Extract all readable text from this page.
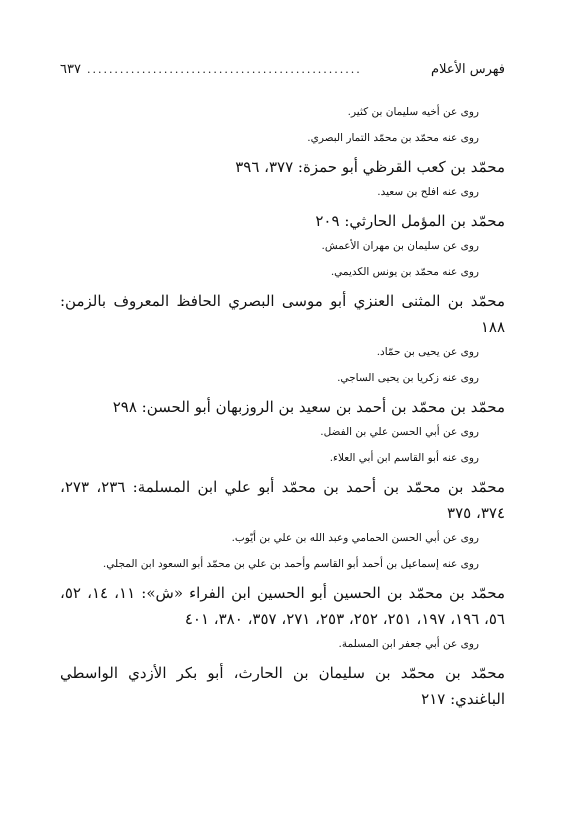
فهرس الأعلام
..................................................
٦٣٧
روى عن أخيه سليمان بن كثير.
روى عنه محمّد بن محمّد التمار البصري.
محمّد بن كعب القرظي أبو حمزة: ٣٧٧، ٣٩٦
روى عنه افلح بن سعيد.
محمّد بن المؤمل الحارثي: ٢٠٩
روى عن سليمان بن مهران الأعمش.
روى عنه محمّد بن يونس الكديمي.
محمّد بن المثنى العنزي أبو موسى البصري الحافظ المعروف بالزمن: ١٨٨
روى عن يحيى بن حمّاد.
روى عنه زكريا بن يحيى الساجي.
محمّد بن محمّد بن أحمد بن سعيد بن الروزبهان أبو الحسن: ٢٩٨
روى عن أبي الحسن علي بن الفضل.
روى عنه أبو القاسم ابن أبي العلاء.
محمّد بن محمّد بن أحمد بن محمّد أبو علي ابن المسلمة: ٢٣٦، ٢٧٣، ٣٧٤، ٣٧٥
روى عن أبي الحسن الحمامي وعبد الله بن علي بن أيّوب.
روى عنه إسماعيل بن أحمد أبو القاسم وأحمد بن علي بن محمّد أبو السعود ابن المجلي.
محمّد بن محمّد بن الحسين أبو الحسين ابن الفراء «ش»: ١١، ١٤، ٥٢، ٥٦، ١٩٦، ١٩٧، ٢٥١، ٢٥٢، ٢٥٣، ٢٧١، ٣٥٧، ٣٨٠، ٤٠١
روى عن أبي جعفر ابن المسلمة.
محمّد بن محمّد بن سليمان بن الحارث، أبو بكر الأزدي الواسطي الباغندي: ٢١٧
